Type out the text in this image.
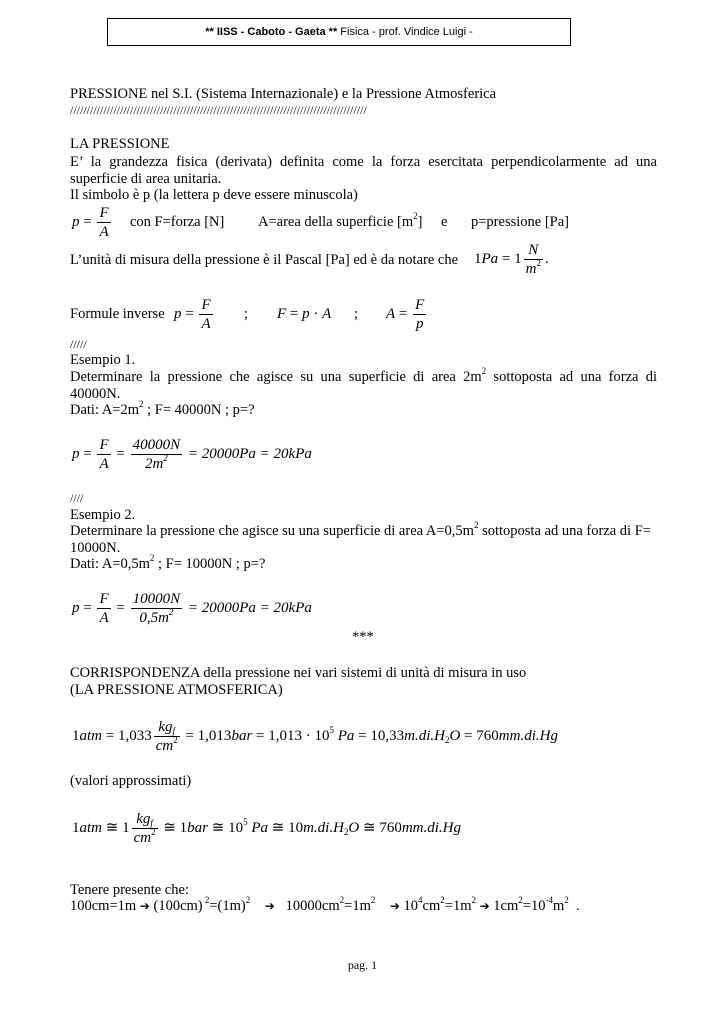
** IISS - Caboto - Gaeta ** Fisica - prof. Vindice Luigi -
PRESSIONE nel S.I. (Sistema Internazionale) e la Pressione Atmosferica
/////////////////////////////////////////////////////////////////////////////////////////
LA PRESSIONE
E’ la grandezza fisica (derivata) definita come la forza esercitata perpendicolarmente ad una
superficie di area unitaria.
Il simbolo è p (la lettera p deve essere minuscola)
$p = \frac{F}{A}$ con F=forza [N] A=area della superficie $[m^2]$ e p=pressione [Pa]
L’unità di misura della pressione è il Pascal [Pa] ed è da notare che $1Pa = 1 \frac{N}{m^2}$ .
Formule inverse $p = \frac{F}{A}$ ; F = p · A ; $A = \frac{F}{p}$
/////
Esempio 1.
Determinare la pressione che agisce su una superficie di area $2m^2$ sottoposta ad una forza di
40000N.
Dati: $A=2m^2$ ; F= 40000N ; p=?
$p = \frac{F}{A} = \frac{40000N}{2m^2} = 20000Pa = 20kPa$
////
Esempio 2.
Determinare la pressione che agisce su una superficie di area $A=0,5m^2$ sottoposta ad una forza di F=
10000N.
Dati: $A=0,5m^2$ ; F= 10000N ; p=?
$p = \frac{F}{A} = \frac{10000N}{0,5m^2} = 20000Pa = 20kPa$
***
CORRISPONDENZA della pressione nei vari sistemi di unità di misura in uso
(LA PRESSIONE ATMOSFERICA)
$1atm = 1,033 \frac{kg_f}{cm^2} = 1,013bar = 1,013 \cdot 10^5$ $Pa = 10,33m.di.H_2O = 760mm.di.Hg$
(valori approssimati)
1atm ≅ $1 \frac{kg_f}{cm^2}$ ≅ 1bar ≅ $10^5$ Pa ≅ $10m.di.H_2O$ ≅ 760mm.di.Hg
Tenere presente che:
100cm=1m ➔ (100cm) $^2=(1m)^2$ ➔   $10000cm^2=1m^2$ ➔ $10^4cm^2=1m^2$ ➔ $1cm^2=10^{-4}m^2$  .
pag. 1
